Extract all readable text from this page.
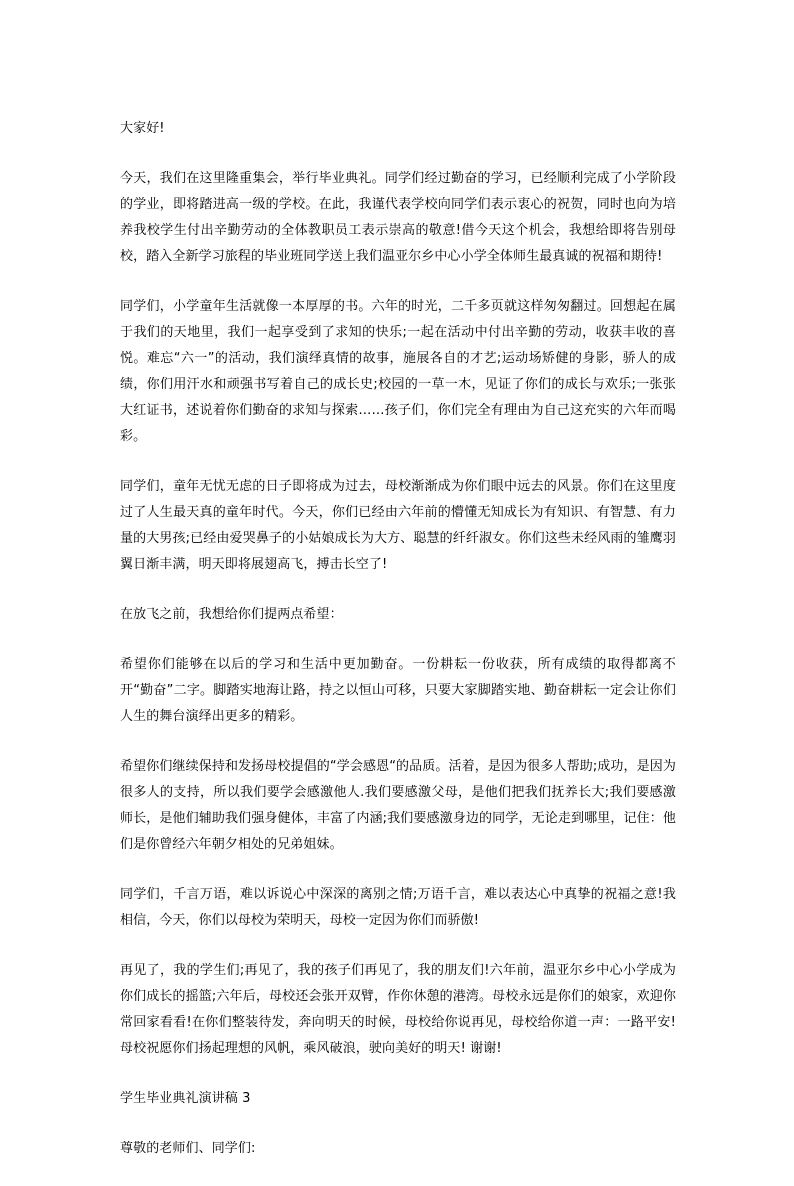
大家好!

今天，我们在这里隆重集会，举行毕业典礼。同学们经过勤奋的学习，已经顺利完成了小学阶段的学业，即将踏进高一级的学校。在此，我谨代表学校向同学们表示衷心的祝贺，同时也向为培养我校学生付出辛勤劳动的全体教职员工表示崇高的敬意!借今天这个机会，我想给即将告别母校，踏入全新学习旅程的毕业班同学送上我们温亚尔乡中心小学全体师生最真诚的祝福和期待!

同学们，小学童年生活就像一本厚厚的书。六年的时光，二千多页就这样匆匆翻过。回想起在属于我们的天地里，我们一起享受到了求知的快乐;一起在活动中付出辛勤的劳动，收获丰收的喜悦。难忘“六一”的活动，我们演绎真情的故事，施展各自的才艺;运动场矫健的身影，骄人的成绩，你们用汗水和顽强书写着自己的成长史;校园的一草一木，见证了你们的成长与欢乐;一张张大红证书，述说着你们勤奋的求知与探索……孩子们，你们完全有理由为自己这充实的六年而喝彩。

同学们，童年无忧无虑的日子即将成为过去，母校渐渐成为你们眼中远去的风景。你们在这里度过了人生最天真的童年时代。今天，你们已经由六年前的懵懂无知成长为有知识、有智慧、有力量的大男孩;已经由爱哭鼻子的小姑娘成长为大方、聪慧的纤纤淑女。你们这些未经风雨的雏鹰羽翼日渐丰满，明天即将展翅高飞，搏击长空了!

在放飞之前，我想给你们提两点希望：

希望你们能够在以后的学习和生活中更加勤奋。一份耕耘一份收获，所有成绩的取得都离不开“勤奋”二字。脚踏实地海让路，持之以恒山可移，只要大家脚踏实地、勤奋耕耘一定会让你们人生的舞台演绎出更多的精彩。

希望你们继续保持和发扬母校提倡的“学会感恩“的品质。活着，是因为很多人帮助;成功，是因为很多人的支持，所以我们要学会感激他人.我们要感激父母，是他们把我们抚养长大;我们要感激师长，是他们辅助我们强身健体，丰富了内涵;我们要感激身边的同学，无论走到哪里，记住：他们是你曾经六年朝夕相处的兄弟姐妹。

同学们，千言万语，难以诉说心中深深的离别之情;万语千言，难以表达心中真挚的祝福之意!我相信，今天，你们以母校为荣明天，母校一定因为你们而骄傲!

再见了，我的学生们;再见了，我的孩子们再见了，我的朋友们!六年前，温亚尔乡中心小学成为你们成长的摇篮;六年后，母校还会张开双臂，作你休憩的港湾。母校永远是你们的娘家，欢迎你常回家看看!在你们整装待发，奔向明天的时候，母校给你说再见，母校给你道一声：一路平安!母校祝愿你们扬起理想的风帆，乘风破浪，驶向美好的明天! 谢谢!

学生毕业典礼演讲稿 3

尊敬的老师们、同学们:
